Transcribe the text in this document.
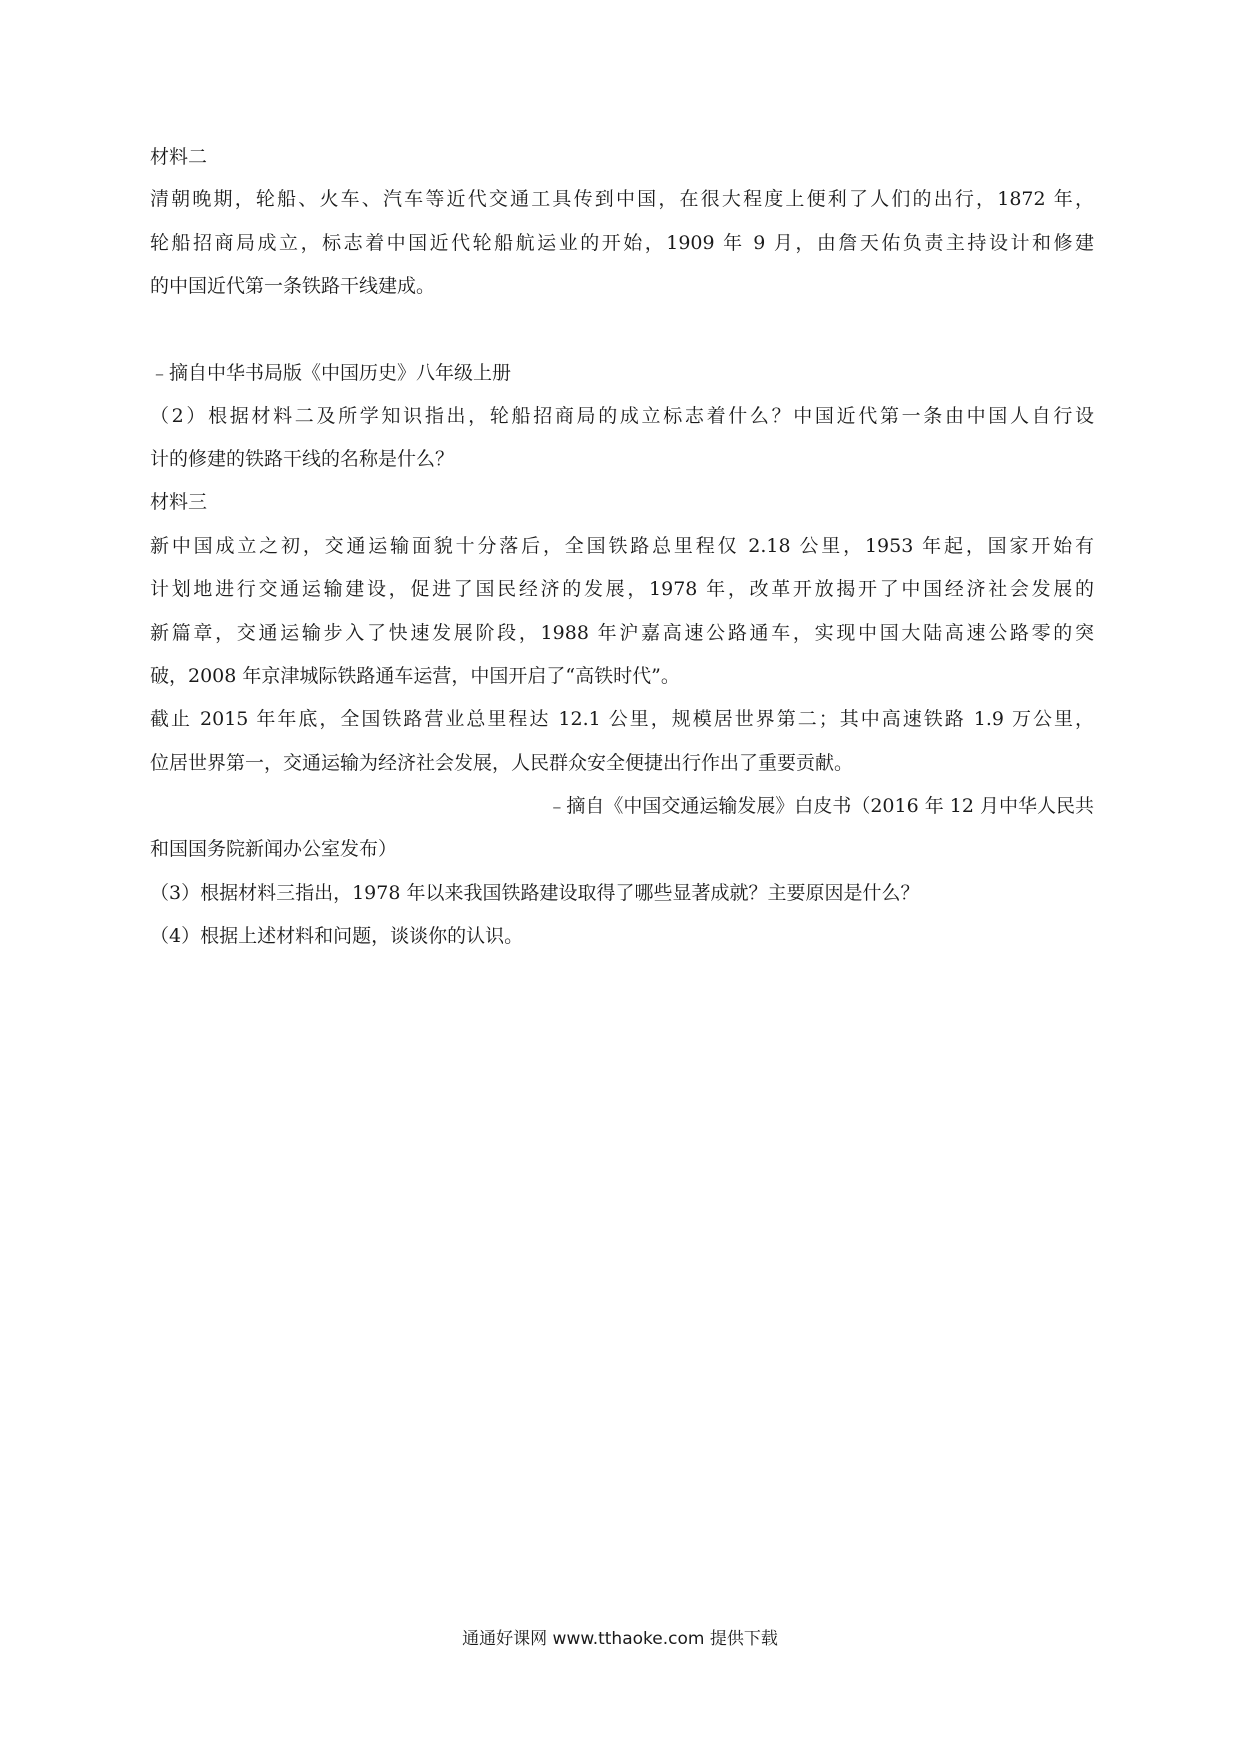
材料二
清朝晚期，轮船、火车、汽车等近代交通工具传到中国，在很大程度上便利了人们的出行，1872 年，
轮船招商局成立，标志着中国近代轮船航运业的开始，1909 年 9 月，由詹天佑负责主持设计和修建
的中国近代第一条铁路干线建成。
﹣摘自中华书局版《中国历史》八年级上册
（2）根据材料二及所学知识指出，轮船招商局的成立标志着什么？中国近代第一条由中国人自行设
计的修建的铁路干线的名称是什么？
材料三
新中国成立之初，交通运输面貌十分落后，全国铁路总里程仅 2.18 公里，1953 年起，国家开始有
计划地进行交通运输建设，促进了国民经济的发展，1978 年，改革开放揭开了中国经济社会发展的
新篇章，交通运输步入了快速发展阶段，1988 年沪嘉高速公路通车，实现中国大陆高速公路零的突
破，2008 年京津城际铁路通车运营，中国开启了“高铁时代”。
截止 2015 年年底，全国铁路营业总里程达 12.1 公里，规模居世界第二；其中高速铁路 1.9 万公里，
位居世界第一，交通运输为经济社会发展，人民群众安全便捷出行作出了重要贡献。
﹣摘自《中国交通运输发展》白皮书（2016 年 12 月中华人民共
和国国务院新闻办公室发布）
（3）根据材料三指出，1978 年以来我国铁路建设取得了哪些显著成就？主要原因是什么？
（4）根据上述材料和问题，谈谈你的认识。
通通好课网 www.tthaoke.com 提供下载
